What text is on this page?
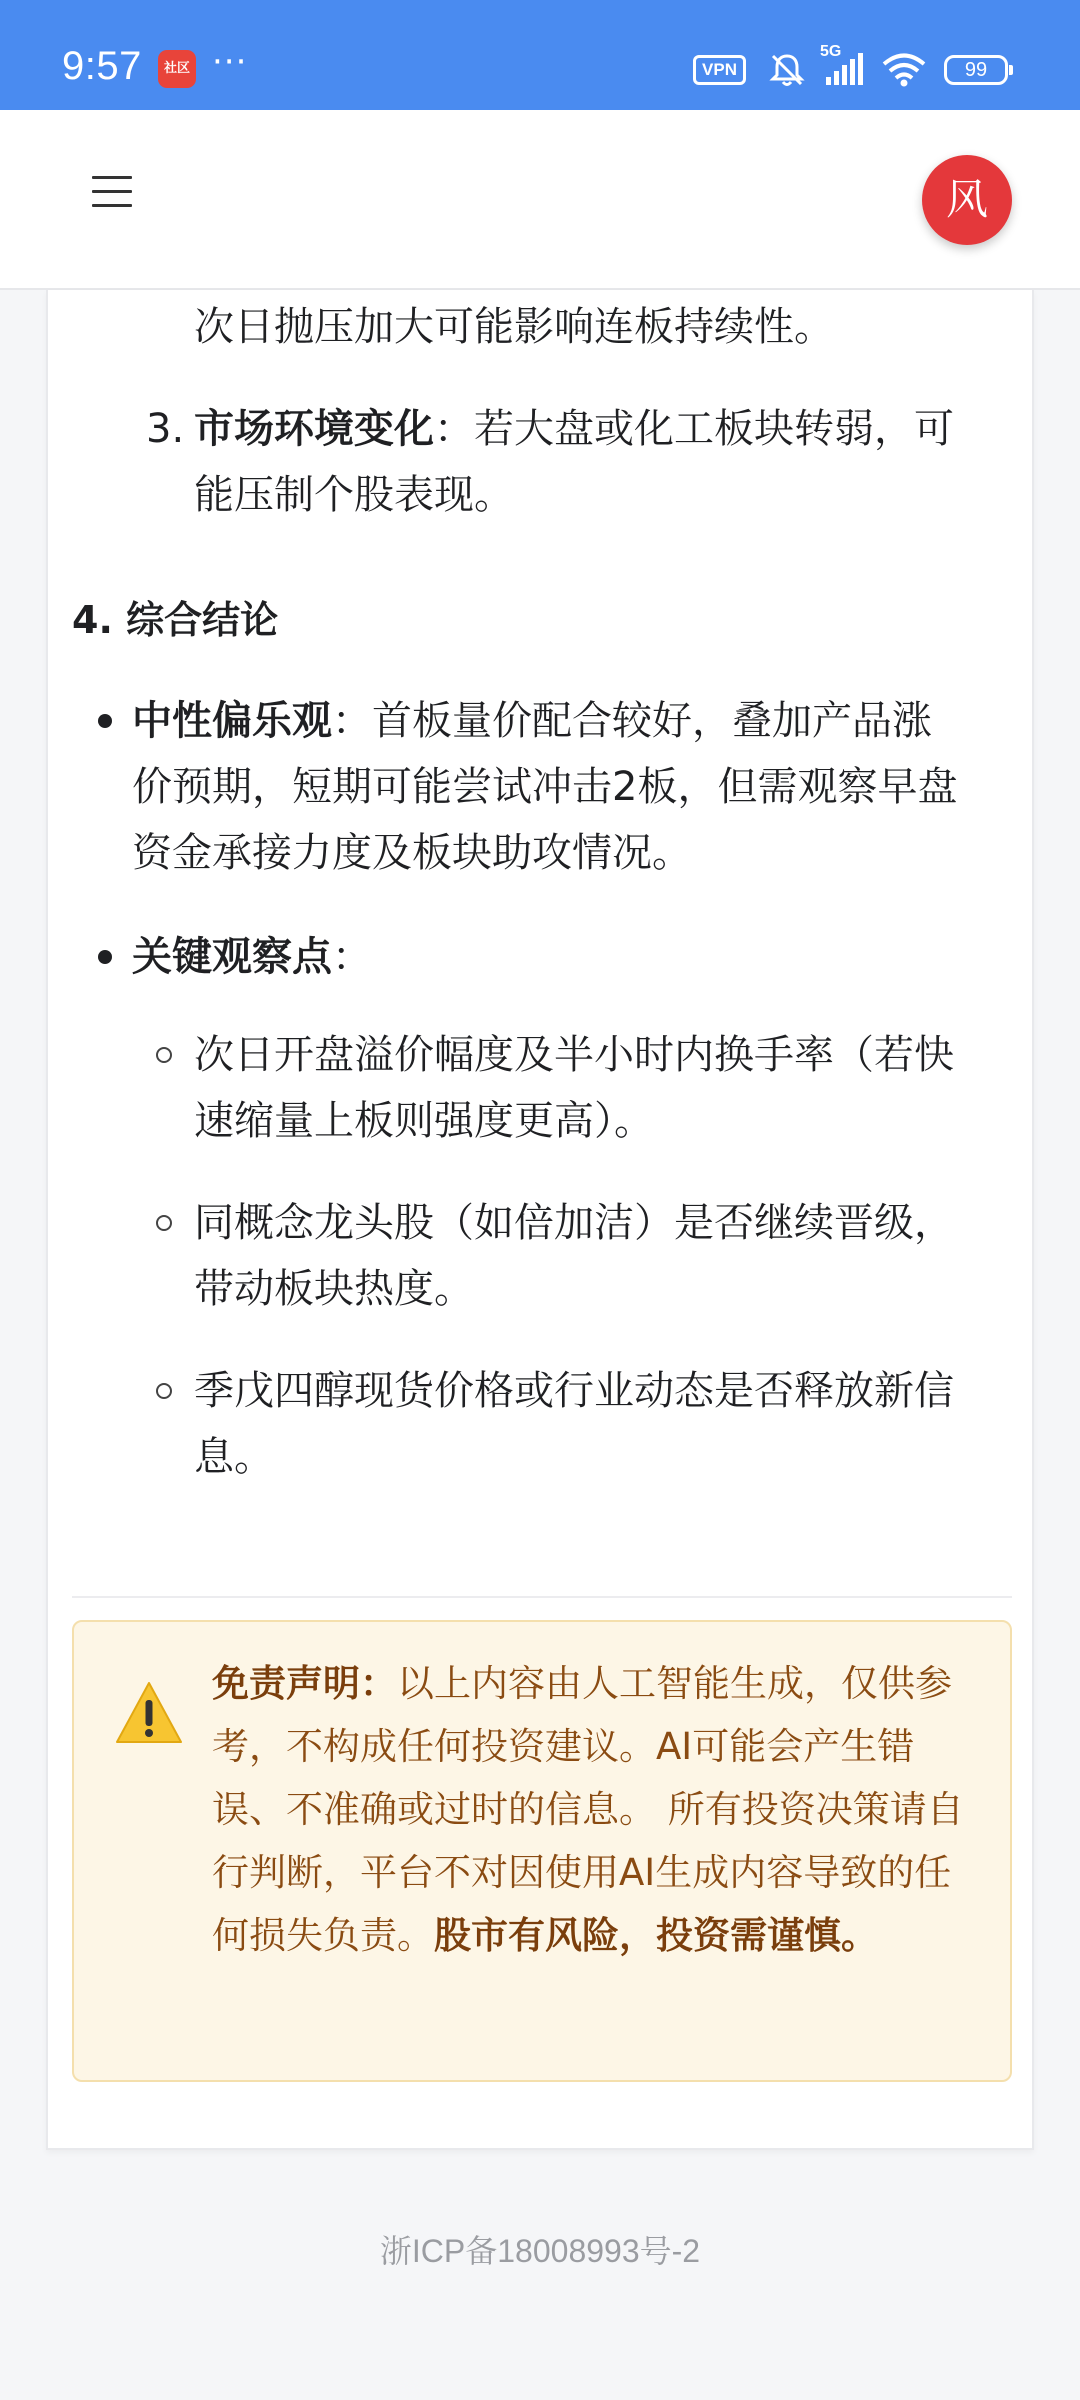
9:57	社区 ···	VPN
5G
99
风
次日抛压加大可能影响连板持续性。
3. 市场环境变化：若大盘或化工板块转弱，可
能压制个股表现。
4. 综合结论
中性偏乐观：首板量价配合较好，叠加产品涨
价预期，短期可能尝试冲击2板，但需观察早盘
资金承接力度及板块助攻情况。
关键观察点：
次日开盘溢价幅度及半小时内换手率（若快
速缩量上板则强度更高）。
同概念龙头股（如倍加洁）是否继续晋级，
带动板块热度。
季戊四醇现货价格或行业动态是否释放新信
息。
免责声明：以上内容由人工智能生成，仅供参考，不构成任何投资建议。AI可能会产生错误、不准确或过时的信息。 所有投资决策请自行判断，平台不对因使用AI生成内容导致的任何损失负责。股市有风险，投资需谨慎。
浙ICP备18008993号-2
